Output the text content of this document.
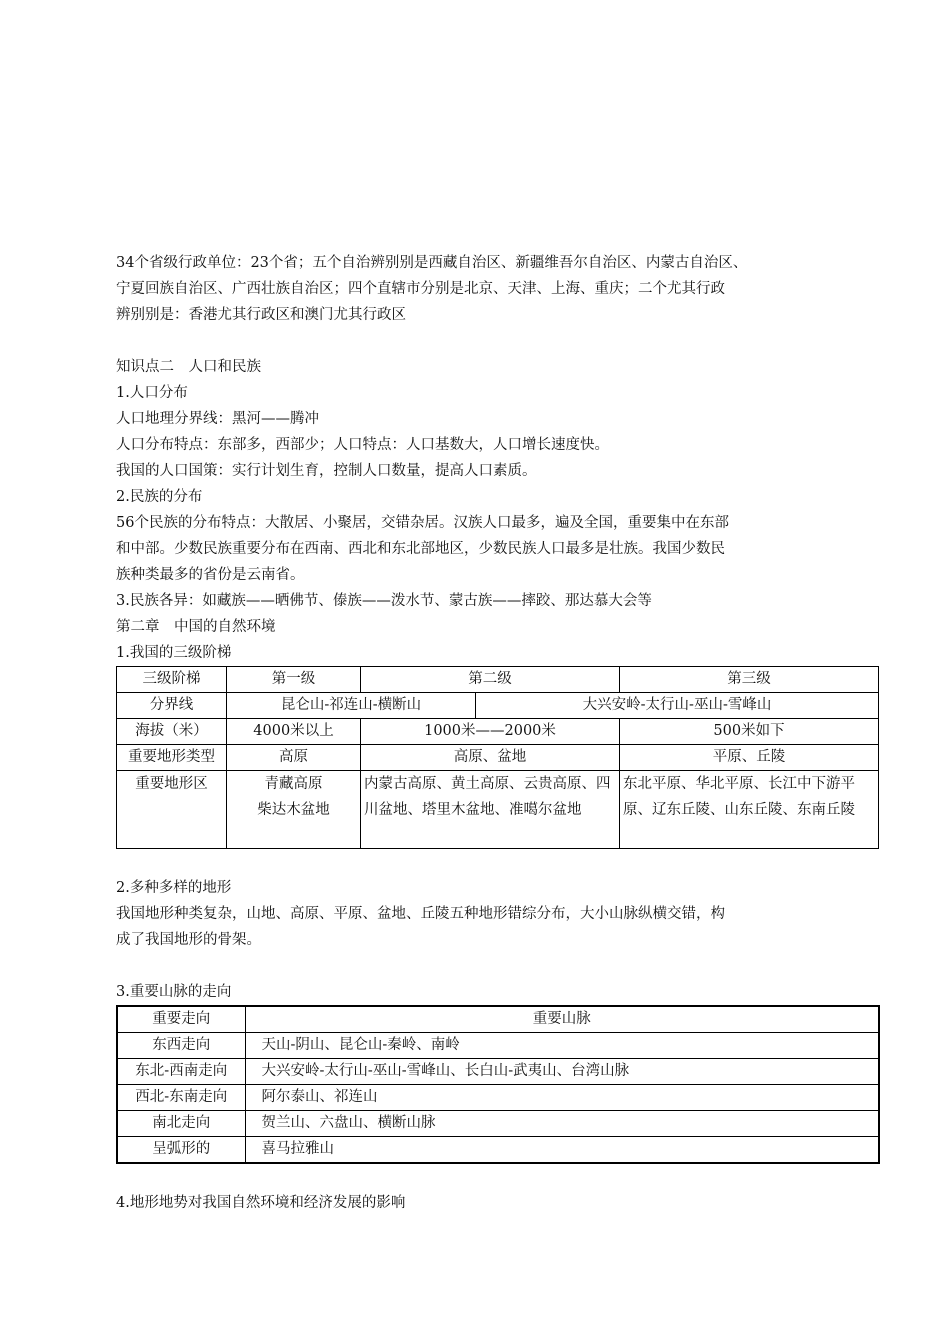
34个省级行政单位：23个省；五个自治辨别别是西藏自治区、新疆维吾尔自治区、内蒙古自治区、
宁夏回族自治区、广西壮族自治区；四个直辖市分别是北京、天津、上海、重庆；二个尤其行政
辨别别是：香港尤其行政区和澳门尤其行政区
知识点二　人口和民族
1.人口分布
人口地理分界线：黑河——腾冲
人口分布特点：东部多，西部少；人口特点：人口基数大，人口增长速度快。
我国的人口国策：实行计划生育，控制人口数量，提高人口素质。
2.民族的分布
56个民族的分布特点：大散居、小聚居，交错杂居。汉族人口最多，遍及全国，重要集中在东部
和中部。少数民族重要分布在西南、西北和东北部地区，少数民族人口最多是壮族。我国少数民
族种类最多的省份是云南省。
3.民族各异：如藏族——晒佛节、傣族——泼水节、蒙古族——摔跤、那达慕大会等
第二章　中国的自然环境
1.我国的三级阶梯
三级阶梯	第一级	第二级		第三级
分界线	昆仑山-祁连山-横断山		大兴安岭-太行山-巫山-雪峰山	
海拔（米）	4000米以上	1000米——2000米		500米如下
重要地形类型	高原	高原、盆地		平原、丘陵
重要地形区	青藏高原
柴达木盆地	内蒙古高原、黄土高原、云贵高原、四川盆地、塔里木盆地、准噶尔盆地		东北平原、华北平原、长江中下游平原、辽东丘陵、山东丘陵、东南丘陵
2.多种多样的地形
我国地形种类复杂，山地、高原、平原、盆地、丘陵五种地形错综分布，大小山脉纵横交错，构
成了我国地形的骨架。
3.重要山脉的走向
重要走向	重要山脉
东西走向	天山-阴山、昆仑山-秦岭、南岭
东北-西南走向	大兴安岭-太行山-巫山-雪峰山、长白山-武夷山、台湾山脉
西北-东南走向	阿尔泰山、祁连山
南北走向	贺兰山、六盘山、横断山脉
呈弧形的	喜马拉雅山
4.地形地势对我国自然环境和经济发展的影响
